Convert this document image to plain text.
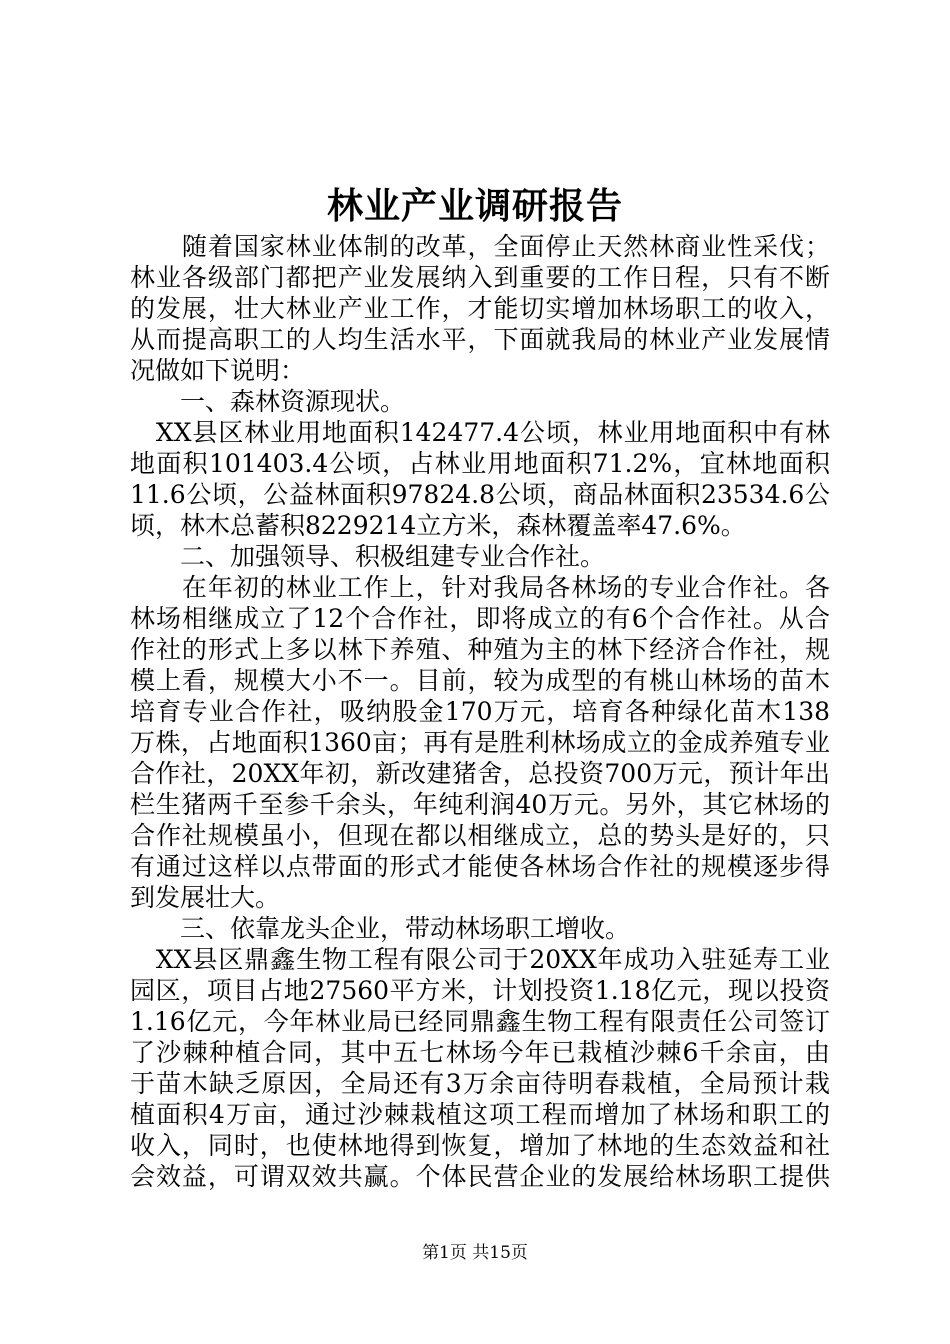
林业产业调研报告
　　随着国家林业体制的改革，全面停止天然林商业性采伐；
林业各级部门都把产业发展纳入到重要的工作日程，只有不断
的发展，壮大林业产业工作，才能切实增加林场职工的收入，
从而提高职工的人均生活水平，下面就我局的林业产业发展情
况做如下说明：
　　一、森林资源现状。
　XX县区林业用地面积142477.4公顷，林业用地面积中有林
地面积101403.4公顷，占林业用地面积71.2%，宜林地面积
11.6公顷，公益林面积97824.8公顷，商品林面积23534.6公
顷，林木总蓄积8229214立方米，森林覆盖率47.6%。
　　二、加强领导、积极组建专业合作社。
　　在年初的林业工作上，针对我局各林场的专业合作社。各
林场相继成立了12个合作社，即将成立的有6个合作社。从合
作社的形式上多以林下养殖、种殖为主的林下经济合作社，规
模上看，规模大小不一。目前，较为成型的有桃山林场的苗木
培育专业合作社，吸纳股金170万元，培育各种绿化苗木138
万株，占地面积1360亩；再有是胜利林场成立的金成养殖专业
合作社，20XX年初，新改建猪舍，总投资700万元，预计年出
栏生猪两千至参千余头，年纯利润40万元。另外，其它林场的
合作社规模虽小，但现在都以相继成立，总的势头是好的，只
有通过这样以点带面的形式才能使各林场合作社的规模逐步得
到发展壮大。
　　三、依靠龙头企业，带动林场职工增收。
　XX县区鼎鑫生物工程有限公司于20XX年成功入驻延寿工业
园区，项目占地27560平方米，计划投资1.18亿元，现以投资
1.16亿元，今年林业局已经同鼎鑫生物工程有限责任公司签订
了沙棘种植合同，其中五七林场今年已栽植沙棘6千余亩，由
于苗木缺乏原因，全局还有3万余亩待明春栽植，全局预计栽
植面积4万亩，通过沙棘栽植这项工程而增加了林场和职工的
收入，同时，也使林地得到恢复，增加了林地的生态效益和社
会效益，可谓双效共赢。个体民营企业的发展给林场职工提供
第1页 共15页
